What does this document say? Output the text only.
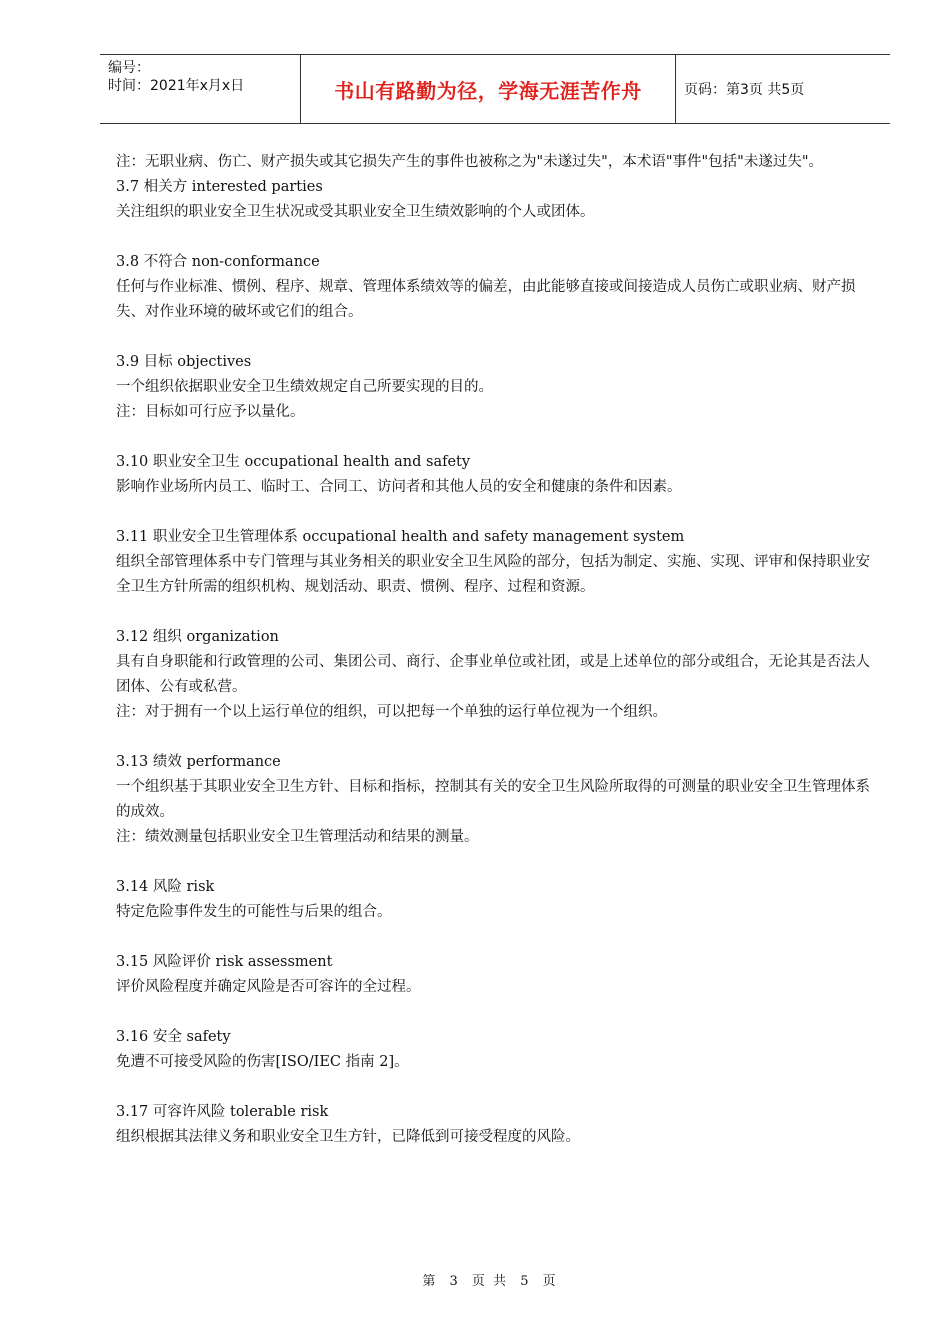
编号：
时间：2021年x月x日	书山有路勤为径，学海无涯苦作舟	页码：第3页 共5页

注：无职业病、伤亡、财产损失或其它损失产生的事件也被称之为"未遂过失"，本术语"事件"包括"未遂过失"。

3.7 相关方 interested parties

关注组织的职业安全卫生状况或受其职业安全卫生绩效影响的个人或团体。

3.8 不符合 non-conformance

任何与作业标准、惯例、程序、规章、管理体系绩效等的偏差，由此能够直接或间接造成人员伤亡或职业病、财产损失、对作业环境的破坏或它们的组合。

3.9 目标 objectives

一个组织依据职业安全卫生绩效规定自己所要实现的目的。

注：目标如可行应予以量化。

3.10 职业安全卫生 occupational health and safety

影响作业场所内员工、临时工、合同工、访问者和其他人员的安全和健康的条件和因素。

3.11 职业安全卫生管理体系 occupational health and safety management system

组织全部管理体系中专门管理与其业务相关的职业安全卫生风险的部分，包括为制定、实施、实现、评审和保持职业安全卫生方针所需的组织机构、规划活动、职责、惯例、程序、过程和资源。

3.12 组织 organization

具有自身职能和行政管理的公司、集团公司、商行、企事业单位或社团，或是上述单位的部分或组合，无论其是否法人团体、公有或私营。

注：对于拥有一个以上运行单位的组织，可以把每一个单独的运行单位视为一个组织。

3.13 绩效 performance

一个组织基于其职业安全卫生方针、目标和指标，控制其有关的安全卫生风险所取得的可测量的职业安全卫生管理体系的成效。

注：绩效测量包括职业安全卫生管理活动和结果的测量。

3.14 风险 risk

特定危险事件发生的可能性与后果的组合。

3.15 风险评价 risk assessment

评价风险程度并确定风险是否可容许的全过程。

3.16 安全 safety

免遭不可接受风险的伤害[ISO/IEC 指南 2]。

3.17 可容许风险 tolerable risk

组织根据其法律义务和职业安全卫生方针，已降低到可接受程度的风险。

第 3 页 共 5 页
